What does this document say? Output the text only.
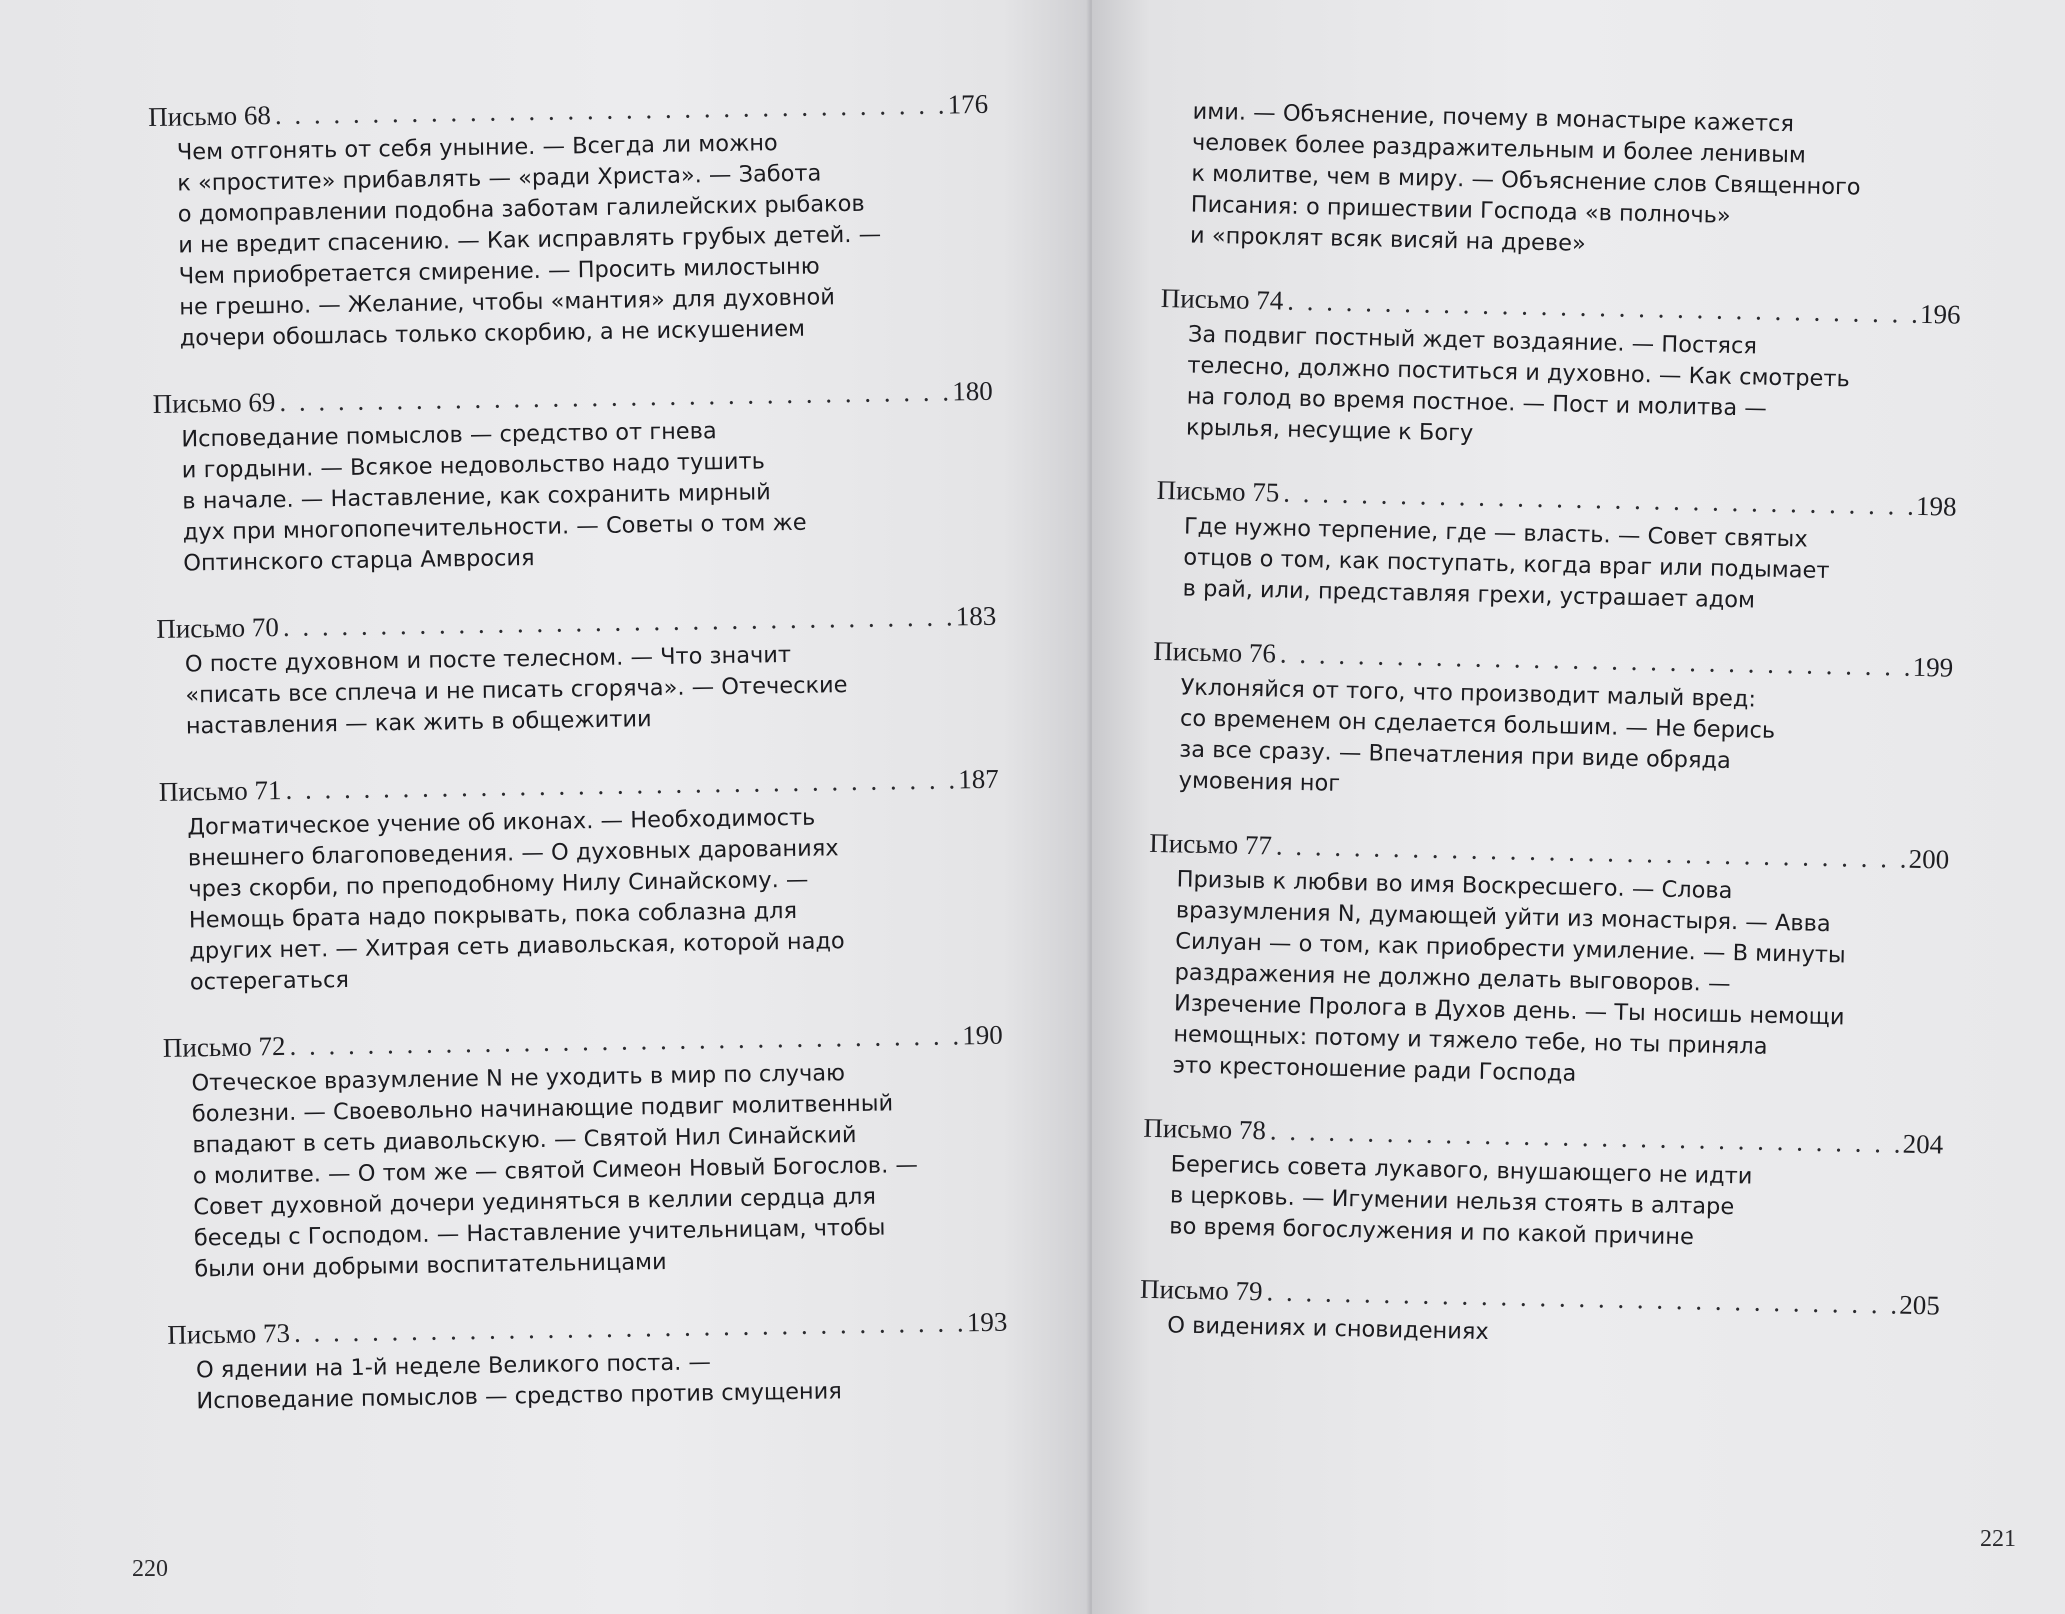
Письмо 68 . . .	176
Чем отгонять от себя уныние. — Всегда ли можно
к «простите» прибавлять — «ради Христа». — Забота
о домоправлении подобна заботам галилейских рыбаков
и не вредит спасению. — Как исправлять грубых детей. —
Чем приобретается смирение. — Просить милостыню
не грешно. — Желание, чтобы «мантия» для духовной
дочери обошлась только скорбию, а не искушением
Письмо 69 . . .	180
Исповедание помыслов — средство от гнева
и гордыни. — Всякое недовольство надо тушить
в начале. — Наставление, как сохранить мирный
дух при многопопечительности. — Советы о том же
Оптинского старца Амвросия
Письмо 70 . . .	183
О посте духовном и посте телесном. — Что значит
«писать все сплеча и не писать сгоряча». — Отеческие
наставления — как жить в общежитии
Письмо 71 . . .	187
Догматическое учение об иконах. — Необходимость
внешнего благоповедения. — О духовных дарованиях
чрез скорби, по преподобному Нилу Синайскому. —
Немощь брата надо покрывать, пока соблазна для
других нет. — Хитрая сеть диавольская, которой надо
остерегаться
Письмо 72 . . .	190
Отеческое вразумление N не уходить в мир по случаю
болезни. — Своевольно начинающие подвиг молитвенный
впадают в сеть диавольскую. — Святой Нил Синайский
о молитве. — О том же — святой Симеон Новый Богослов. —
Совет духовной дочери уединяться в келлии сердца для
беседы с Господом. — Наставление учительницам, чтобы
были они добрыми воспитательницами
Письмо 73 . . .	193
О ядении на 1-й неделе Великого поста. —
Исповедание помыслов — средство против смущения
220
ими. — Объяснение, почему в монастыре кажется
человек более раздражительным и более ленивым
к молитве, чем в миру. — Объяснение слов Священного
Писания: о пришествии Господа «в полночь»
и «проклят всяк висяй на древе»
Письмо 74 . . .	196
За подвиг постный ждет воздаяние. — Постяся
телесно, должно поститься и духовно. — Как смотреть
на голод во время постное. — Пост и молитва —
крылья, несущие к Богу
Письмо 75 . . .	198
Где нужно терпение, где — власть. — Совет святых
отцов о том, как поступать, когда враг или подымает
в рай, или, представляя грехи, устрашает адом
Письмо 76 . . .	199
Уклоняйся от того, что производит малый вред:
со временем он сделается большим. — Не берись
за все сразу. — Впечатления при виде обряда
умовения ног
Письмо 77 . . .	200
Призыв к любви во имя Воскресшего. — Слова
вразумления N, думающей уйти из монастыря. — Авва
Силуан — о том, как приобрести умиление. — В минуты
раздражения не должно делать выговоров. —
Изречение Пролога в Духов день. — Ты носишь немощи
немощных: потому и тяжело тебе, но ты приняла
это крестоношение ради Господа
Письмо 78 . . .	204
Берегись совета лукавого, внушающего не идти
в церковь. — Игумении нельзя стоять в алтаре
во время богослужения и по какой причине
Письмо 79 . . .	205
О видениях и сновидениях
221
